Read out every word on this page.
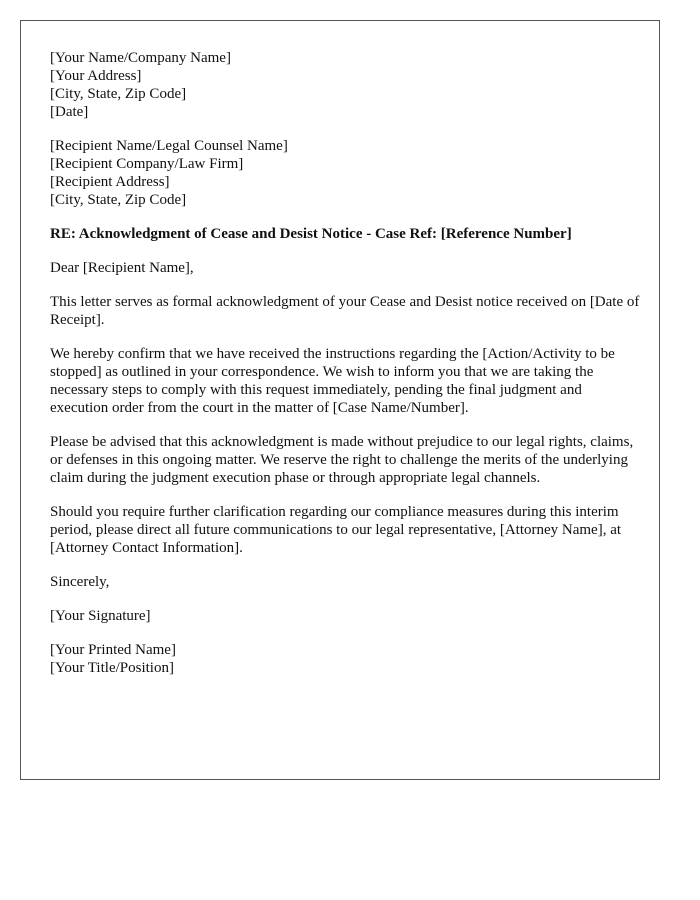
[Your Name/Company Name]
[Your Address]
[City, State, Zip Code]
[Date]
[Recipient Name/Legal Counsel Name]
[Recipient Company/Law Firm]
[Recipient Address]
[City, State, Zip Code]
RE: Acknowledgment of Cease and Desist Notice - Case Ref: [Reference Number]

Dear [Recipient Name],

This letter serves as formal acknowledgment of your Cease and Desist notice received on [Date of Receipt].

We hereby confirm that we have received the instructions regarding the [Action/Activity to be stopped] as outlined in your correspondence. We wish to inform you that we are taking the necessary steps to comply with this request immediately, pending the final judgment and execution order from the court in the matter of [Case Name/Number].

Please be advised that this acknowledgment is made without prejudice to our legal rights, claims, or defenses in this ongoing matter. We reserve the right to challenge the merits of the underlying claim during the judgment execution phase or through appropriate legal channels.

Should you require further clarification regarding our compliance measures during this interim period, please direct all future communications to our legal representative, [Attorney Name], at [Attorney Contact Information].

Sincerely,

[Your Signature]

[Your Printed Name]
[Your Title/Position]
